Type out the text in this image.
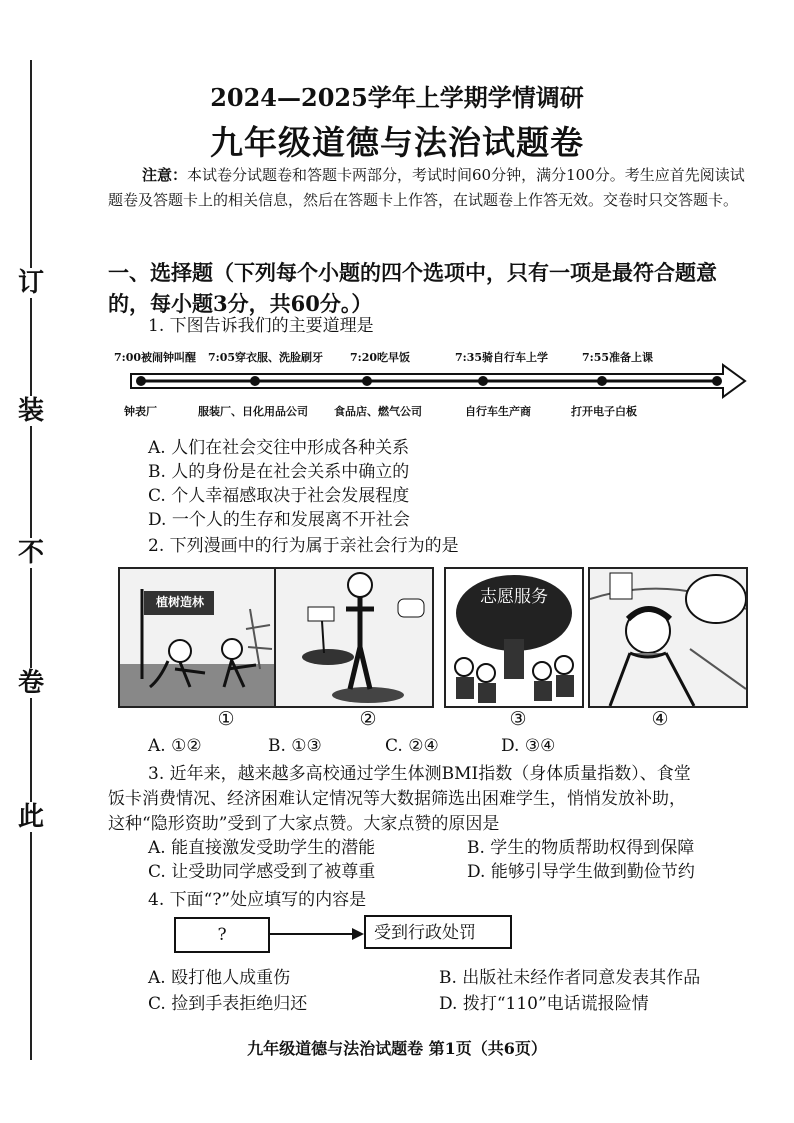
订
装
不
卷
此
2024—2025学年上学期学情调研
九年级道德与法治试题卷
注意：本试卷分试题卷和答题卡两部分，考试时间60分钟，满分100分。考生应首先阅读试题卷及答题卡上的相关信息，然后在答题卡上作答，在试题卷上作答无效。交卷时只交答题卡。
一、选择题（下列每个小题的四个选项中，只有一项是最符合题意
的，每小题3分，共60分。）
1. 下图告诉我们的主要道理是
7:00被闹钟叫醒 7:05穿衣服、洗脸刷牙 7:20吃早饭	7:35骑自行车上学	7:55准备上课
钟表厂	服装厂、日化用品公司 食品店、燃气公司	自行车生产商	打开电子白板
A. 人们在社会交往中形成各种关系
B. 人的身份是在社会关系中确立的
C. 个人幸福感取决于社会发展程度
D. 一个人的生存和发展离不开社会
2. 下列漫画中的行为属于亲社会行为的是
植树造林	志愿服务
①	②	③	④
A. ①②	B. ①③	C. ②④	D. ③④
3. 近年来，越来越多高校通过学生体测BMI指数（身体质量指数）、食堂
饭卡消费情况、经济困难认定情况等大数据筛选出困难学生，悄悄发放补助，
这种“隐形资助”受到了大家点赞。大家点赞的原因是
A. 能直接激发受助学生的潜能	B. 学生的物质帮助权得到保障
C. 让受助同学感受到了被尊重	D. 能够引导学生做到勤俭节约
4. 下面“?”处应填写的内容是
?	受到行政处罚
A. 殴打他人成重伤	B. 出版社未经作者同意发表其作品
C. 捡到手表拒绝归还	D. 拨打“110”电话谎报险情
九年级道德与法治试题卷 第1页（共6页）
